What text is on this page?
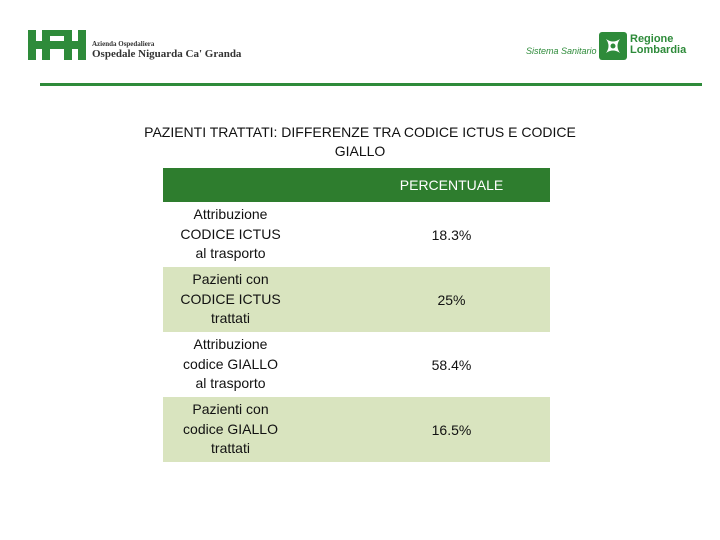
Azienda Ospedaliera
Ospedale Niguarda Ca' Granda	Sistema Sanitario
Regione
Lombardia
PAZIENTI TRATTATI: DIFFERENZE TRA CODICE ICTUS E CODICE
GIALLO
PERCENTUALE
Attribuzione
CODICE ICTUS
al trasporto
18.3%
Pazienti con
CODICE ICTUS
trattati
25%
Attribuzione
codice GIALLO
al trasporto
58.4%
Pazienti con
codice GIALLO
trattati
16.5%
